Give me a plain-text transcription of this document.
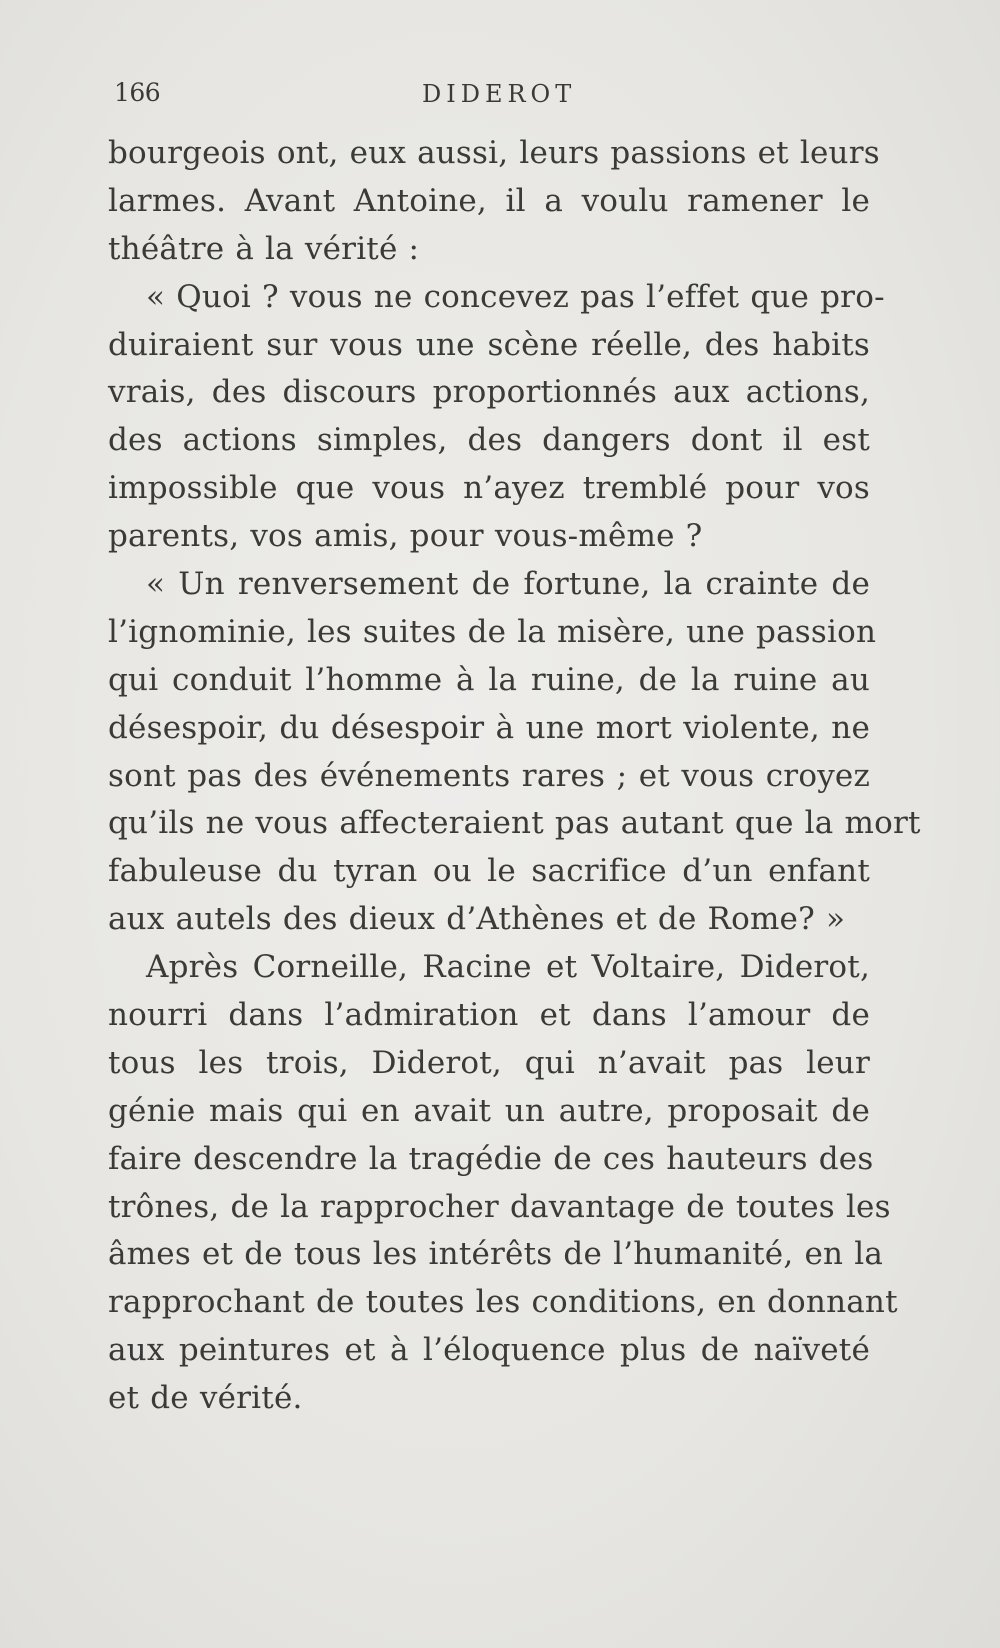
166	DIDEROT
bourgeois ont, eux aussi, leurs passions et leurs
larmes. Avant Antoine, il a voulu ramener le
théâtre à la vérité :
« Quoi ? vous ne concevez pas l’effet que pro-
duiraient sur vous une scène réelle, des habits
vrais, des discours proportionnés aux actions,
des actions simples, des dangers dont il est
impossible que vous n’ayez tremblé pour vos
parents, vos amis, pour vous-même ?
« Un renversement de fortune, la crainte de
l’ignominie, les suites de la misère, une passion
qui conduit l’homme à la ruine, de la ruine au
désespoir, du désespoir à une mort violente, ne
sont pas des événements rares ; et vous croyez
qu’ils ne vous affecteraient pas autant que la mort
fabuleuse du tyran ou le sacrifice d’un enfant
aux autels des dieux d’Athènes et de Rome? »
Après Corneille, Racine et Voltaire, Diderot,
nourri dans l’admiration et dans l’amour de
tous les trois, Diderot, qui n’avait pas leur
génie mais qui en avait un autre, proposait de
faire descendre la tragédie de ces hauteurs des
trônes, de la rapprocher davantage de toutes les
âmes et de tous les intérêts de l’humanité, en la
rapprochant de toutes les conditions, en donnant
aux peintures et à l’éloquence plus de naïveté
et de vérité.
